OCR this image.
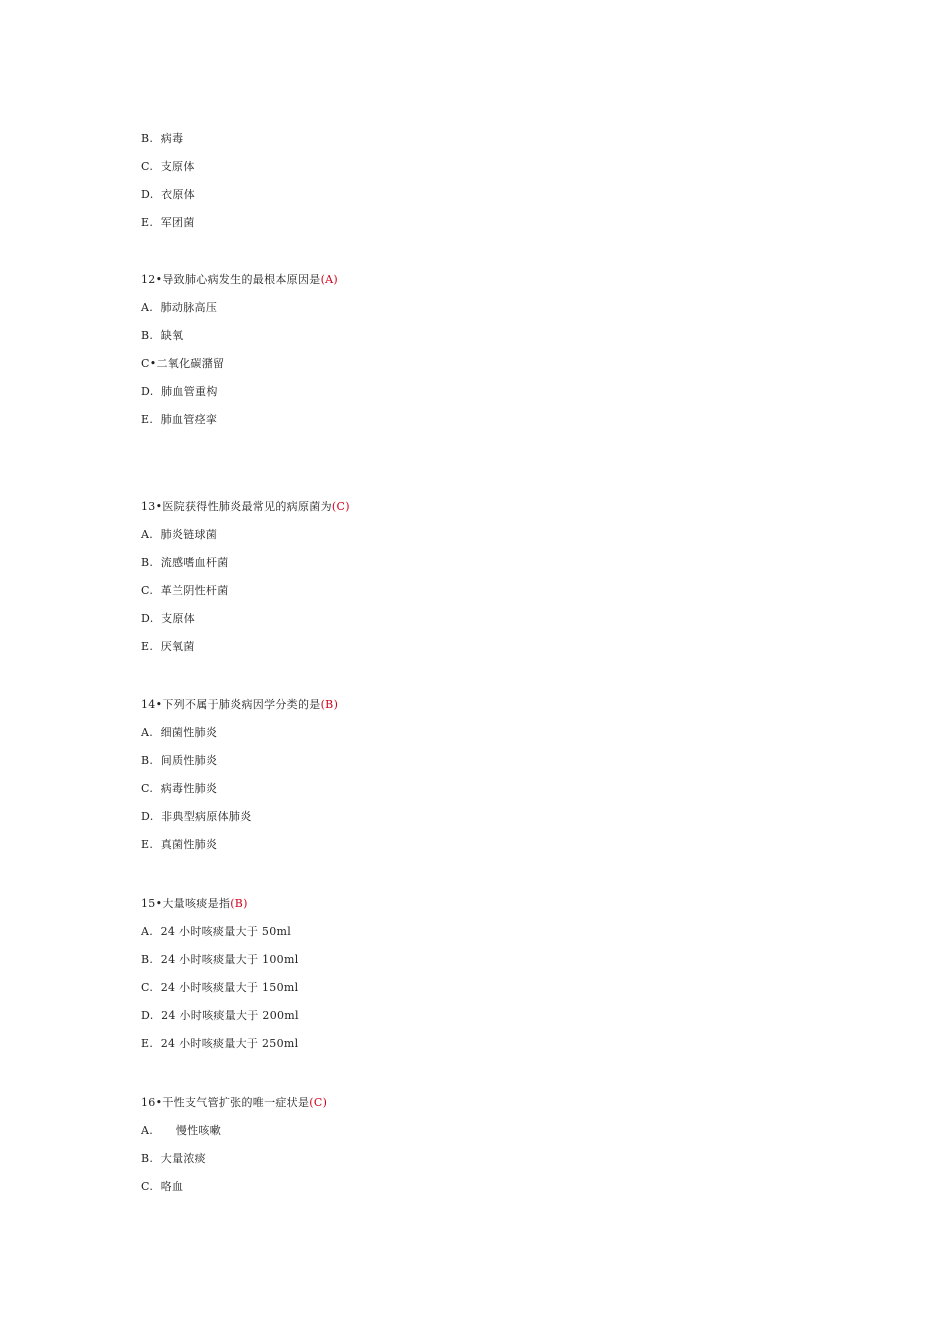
B.  病毒
C.  支原体
D.  衣原体
E.  军团菌
12•导致肺心病发生的最根本原因是(A)
A.  肺动脉高压
B.  缺氧
C•二氧化碳潴留
D.  肺血管重构
E.  肺血管痉挛
13•医院获得性肺炎最常见的病原菌为(C)
A.  肺炎链球菌
B.  流感嗜血杆菌
C.  革兰阴性杆菌
D.  支原体
E.  厌氧菌
14•下列不属于肺炎病因学分类的是(B)
A.  细菌性肺炎
B.  间质性肺炎
C.  病毒性肺炎
D.  非典型病原体肺炎
E.  真菌性肺炎
15•大量咳痰是指(B)
A.  24 小时咳痰量大于 50ml
B.  24 小时咳痰量大于 100ml
C.  24 小时咳痰量大于 150ml
D.  24 小时咳痰量大于 200ml
E.  24 小时咳痰量大于 250ml
16•干性支气管扩张的唯一症状是(C)
A.      慢性咳嗽
B.  大量浓痰
C.  咯血
